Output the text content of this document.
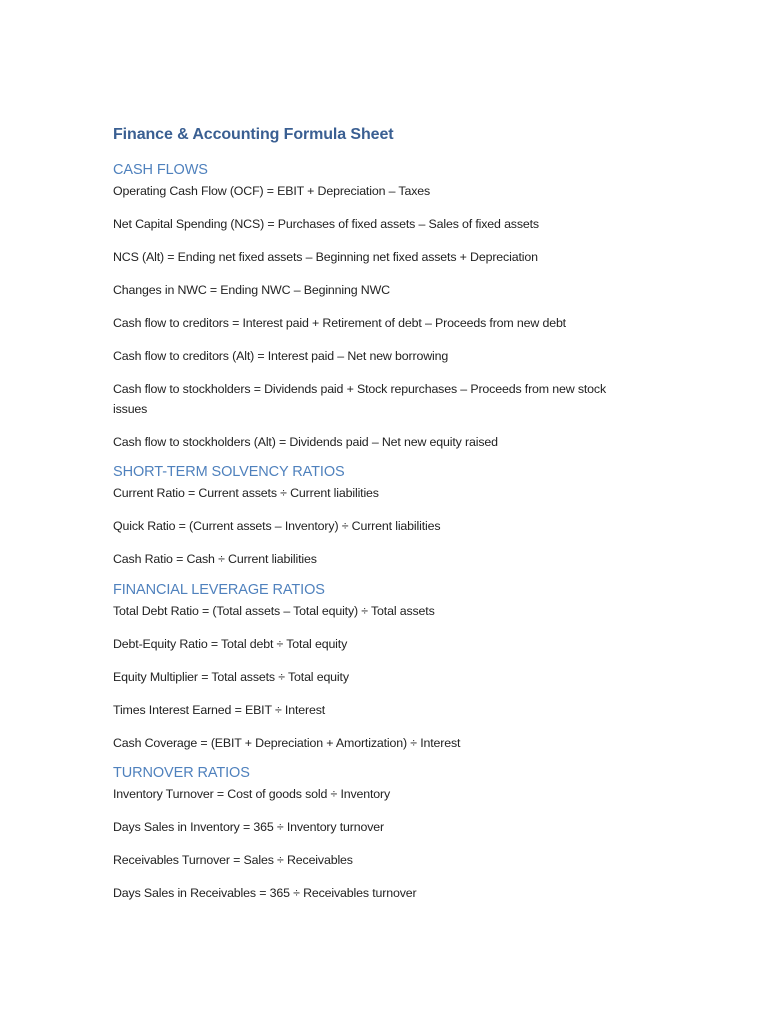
Finance & Accounting Formula Sheet
CASH FLOWS
Operating Cash Flow (OCF) = EBIT + Depreciation – Taxes
Net Capital Spending (NCS) = Purchases of fixed assets – Sales of fixed assets
NCS (Alt) = Ending net fixed assets – Beginning net fixed assets + Depreciation
Changes in NWC = Ending NWC – Beginning NWC
Cash flow to creditors = Interest paid + Retirement of debt – Proceeds from new debt
Cash flow to creditors (Alt) = Interest paid – Net new borrowing
Cash flow to stockholders = Dividends paid + Stock repurchases – Proceeds from new stock issues
Cash flow to stockholders (Alt) = Dividends paid – Net new equity raised
SHORT-TERM SOLVENCY RATIOS
Current Ratio = Current assets ÷ Current liabilities
Quick Ratio = (Current assets – Inventory) ÷ Current liabilities
Cash Ratio = Cash ÷ Current liabilities
FINANCIAL LEVERAGE RATIOS
Total Debt Ratio = (Total assets – Total equity) ÷ Total assets
Debt-Equity Ratio = Total debt ÷ Total equity
Equity Multiplier = Total assets ÷ Total equity
Times Interest Earned = EBIT ÷ Interest
Cash Coverage = (EBIT + Depreciation + Amortization) ÷ Interest
TURNOVER RATIOS
Inventory Turnover = Cost of goods sold ÷ Inventory
Days Sales in Inventory = 365 ÷ Inventory turnover
Receivables Turnover = Sales ÷ Receivables
Days Sales in Receivables = 365 ÷ Receivables turnover
